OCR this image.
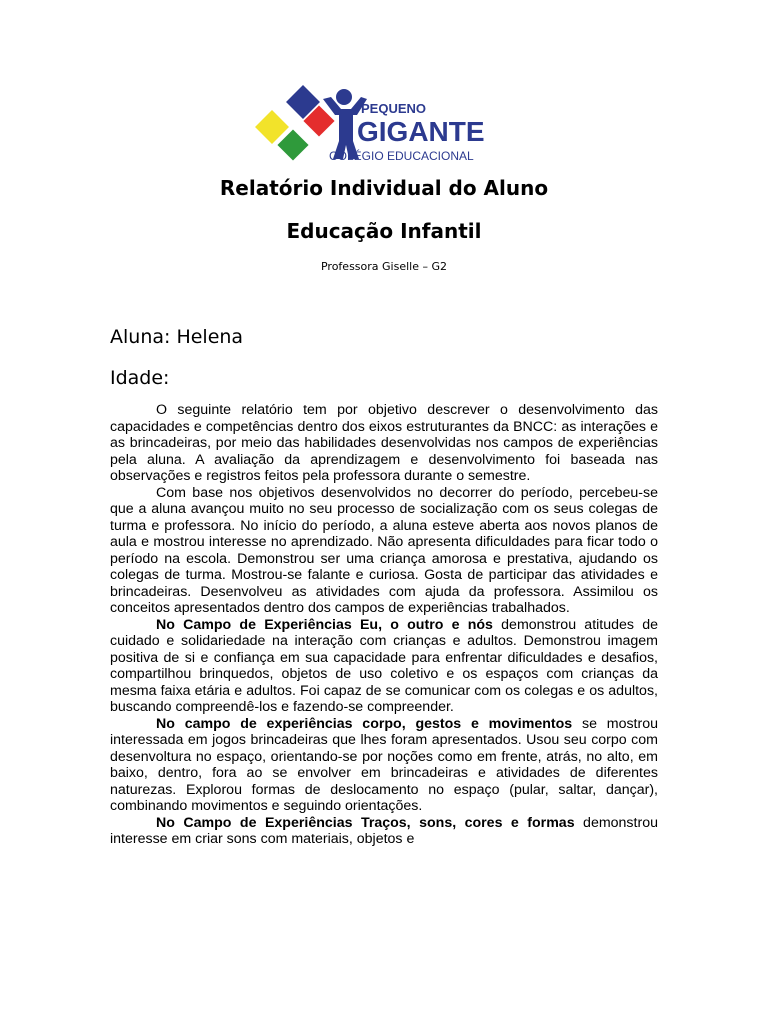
PEQUENO
GIGANTE
COLÉGIO EDUCACIONAL
Relatório Individual do Aluno
Educação Infantil
Professora Giselle – G2
Aluna: Helena
Idade:

O seguinte relatório tem por objetivo descrever o desenvolvimento das capacidades e competências dentro dos eixos estruturantes da BNCC: as interações e as brincadeiras, por meio das habilidades desenvolvidas nos campos de experiências pela aluna. A avaliação da aprendizagem e desenvolvimento foi baseada nas observações e registros feitos pela professora durante o semestre.

Com base nos objetivos desenvolvidos no decorrer do período, percebeu-se que a aluna avançou muito no seu processo de socialização com os seus colegas de turma e professora. No início do período, a aluna esteve aberta aos novos planos de aula e mostrou interesse no aprendizado. Não apresenta dificuldades para ficar todo o período na escola. Demonstrou ser uma criança amorosa e prestativa, ajudando os colegas de turma. Mostrou-se falante e curiosa. Gosta de participar das atividades e brincadeiras. Desenvolveu as atividades com ajuda da professora. Assimilou os conceitos apresentados dentro dos campos de experiências trabalhados.

No Campo de Experiências Eu, o outro e nós demonstrou atitudes de cuidado e solidariedade na interação com crianças e adultos. Demonstrou imagem positiva de si e confiança em sua capacidade para enfrentar dificuldades e desafios, compartilhou brinquedos, objetos de uso coletivo e os espaços com crianças da mesma faixa etária e adultos. Foi capaz de se comunicar com os colegas e os adultos, buscando compreendê-los e fazendo-se compreender.

No campo de experiências corpo, gestos e movimentos se mostrou interessada em jogos brincadeiras que lhes foram apresentados. Usou seu corpo com desenvoltura no espaço, orientando-se por noções como em frente, atrás, no alto, em baixo, dentro, fora ao se envolver em brincadeiras e atividades de diferentes naturezas. Explorou formas de deslocamento no espaço (pular, saltar, dançar), combinando movimentos e seguindo orientações.

No Campo de Experiências Traços, sons, cores e formas demonstrou interesse em criar sons com materiais, objetos e
